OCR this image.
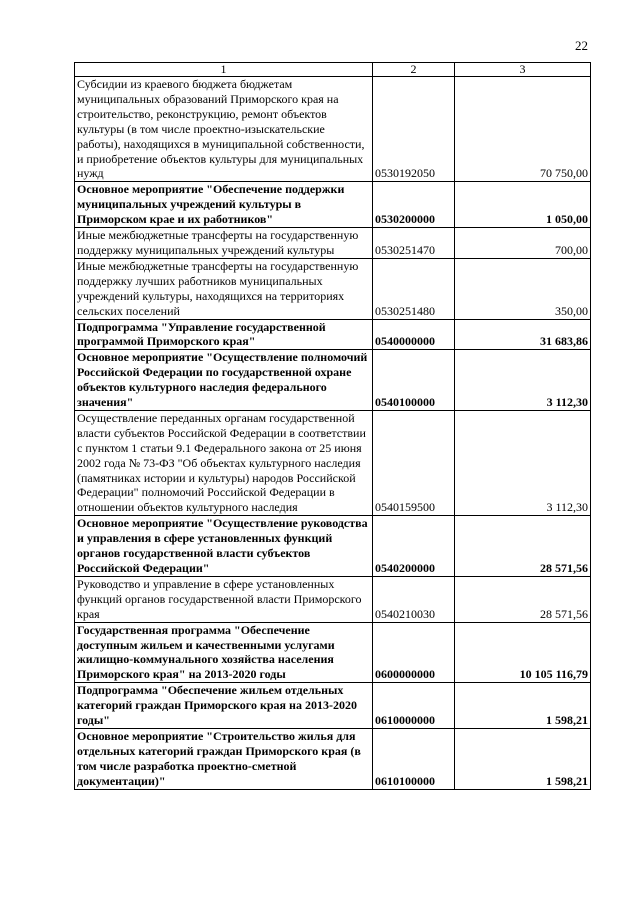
22
1	2	3
Субсидии из краевого бюджета бюджетам муниципальных образований Приморского края на строительство, реконструкцию, ремонт объектов культуры (в том числе проектно-изыскательские работы), находящихся в муниципальной собственности, и приобретение объектов культуры для муниципальных нужд	0530192050	70 750,00
Основное мероприятие "Обеспечение поддержки муниципальных учреждений культуры в Приморском крае и их работников"	0530200000	1 050,00
Иные межбюджетные трансферты на государственную поддержку муниципальных учреждений культуры	0530251470	700,00
Иные межбюджетные трансферты на государственную поддержку лучших работников муниципальных учреждений культуры, находящихся на территориях сельских поселений	0530251480	350,00
Подпрограмма "Управление государственной программой Приморского края"	0540000000	31 683,86
Основное мероприятие "Осуществление полномочий Российской Федерации по государственной охране объектов культурного наследия федерального значения"	0540100000	3 112,30
Осуществление переданных органам государственной власти субъектов Российской Федерации в соответствии с пунктом 1 статьи 9.1 Федерального закона от 25 июня 2002 года № 73-ФЗ "Об объектах культурного наследия (памятниках истории и культуры) народов Российской Федерации" полномочий Российской Федерации в отношении объектов культурного наследия	0540159500	3 112,30
Основное мероприятие "Осуществление руководства и управления в сфере установленных функций органов государственной власти субъектов Российской Федерации"	0540200000	28 571,56
Руководство и управление в сфере установленных функций органов государственной власти Приморского края	0540210030	28 571,56
Государственная программа "Обеспечение доступным жильем и качественными услугами жилищно-коммунального хозяйства населения Приморского края" на 2013-2020 годы	0600000000	10 105 116,79
Подпрограмма "Обеспечение жильем отдельных категорий граждан Приморского края на 2013-2020 годы"	0610000000	1 598,21
Основное мероприятие "Строительство жилья для отдельных категорий граждан Приморского края (в том числе разработка проектно-сметной документации)"	0610100000	1 598,21
